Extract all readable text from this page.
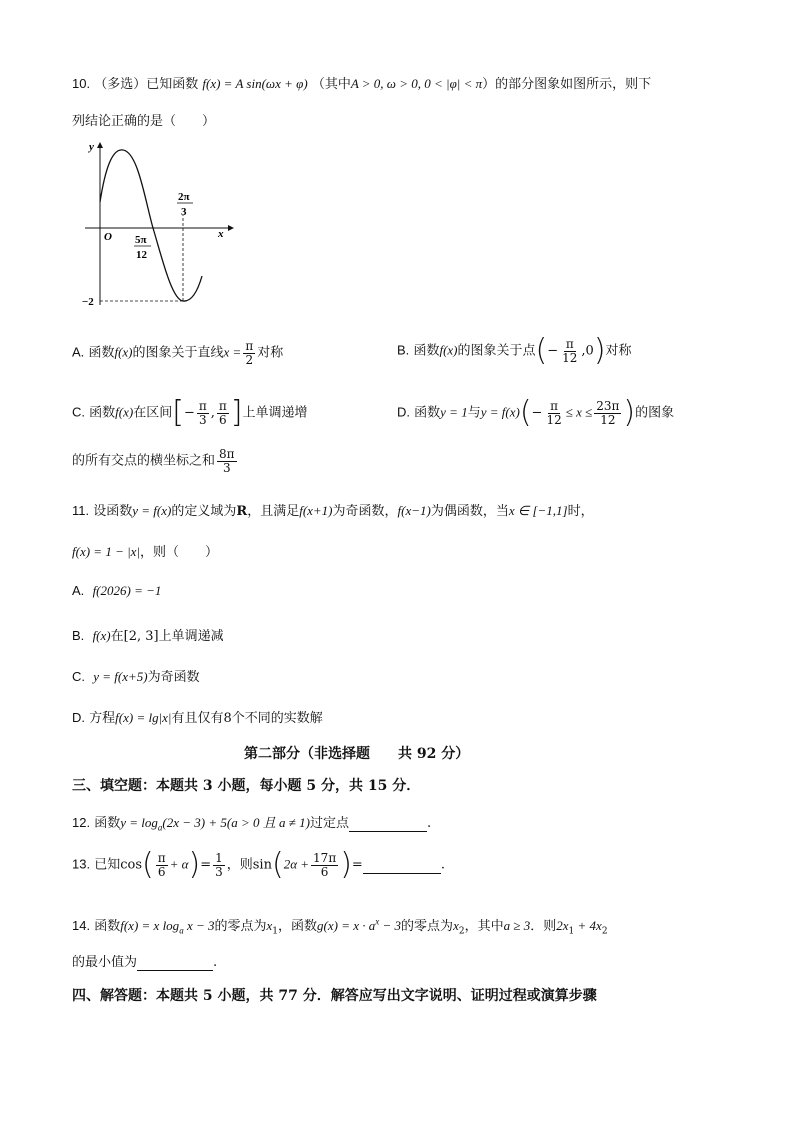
10. （多选）已知函数 f(x) = A sin(ωx + φ) （其中A > 0, ω > 0, 0 < |φ| < π）的部分图象如图所示，则下
列结论正确的是（　　）
y
x
O 5π
12
2π
3
−2
A. 函数f(x)的图象关于直线$x = \frac{\pi}{2}$ 对称	B. 函数f(x)的图象关于点(− $\frac{\pi}{12} ,0$)对称
C. 函数f(x)在区间[− $\frac{\pi}{3}$ , $\frac{\pi}{6}$ ]上单调递增	D. 函数y = 1与$y = f(x)(- \frac{\pi}{12} \le x \le \frac{23\pi}{12}$ )的图象
的所有交点的横坐标之和 $\frac{8\pi}{3}$
11. 设函数y = f(x)的定义域为R，且满足f(x+1)为奇函数，f(x−1)为偶函数，当x ∈ [−1,1]时，
f(x) = 1 − |x|，则（　　）
A. f(2026) = −1
B. f(x)在[2, 3]上单调递减
C. y = f(x+5)为奇函数
D. 方程f(x) = lg|x|有且仅有8个不同的实数解
第二部分（非选择题　　共 92 分）
三、填空题：本题共 3 小题，每小题 5 分，共 15 分．
12. 函数$y = \log_a(2x - 3) + 5(a > 0$ 且 a ≠ 1)过定点	.
13. 已知$\cos( \frac{\pi}{6} + \alpha)= \frac{1}{3}$ ，则$\sin(2\alpha + \frac{17\pi}{6}$ )=	.
14. 函数f(x) = x $\log_a x - 3$的零点为$x_1$，函数$g(x) = x \cdot a^x - 3$的零点为$x_2$，其中a ≥ 3．则$2x_1 + 4x_2$
的最小值为	.
四、解答题：本题共 5 小题，共 77 分．解答应写出文字说明、证明过程或演算步骤
